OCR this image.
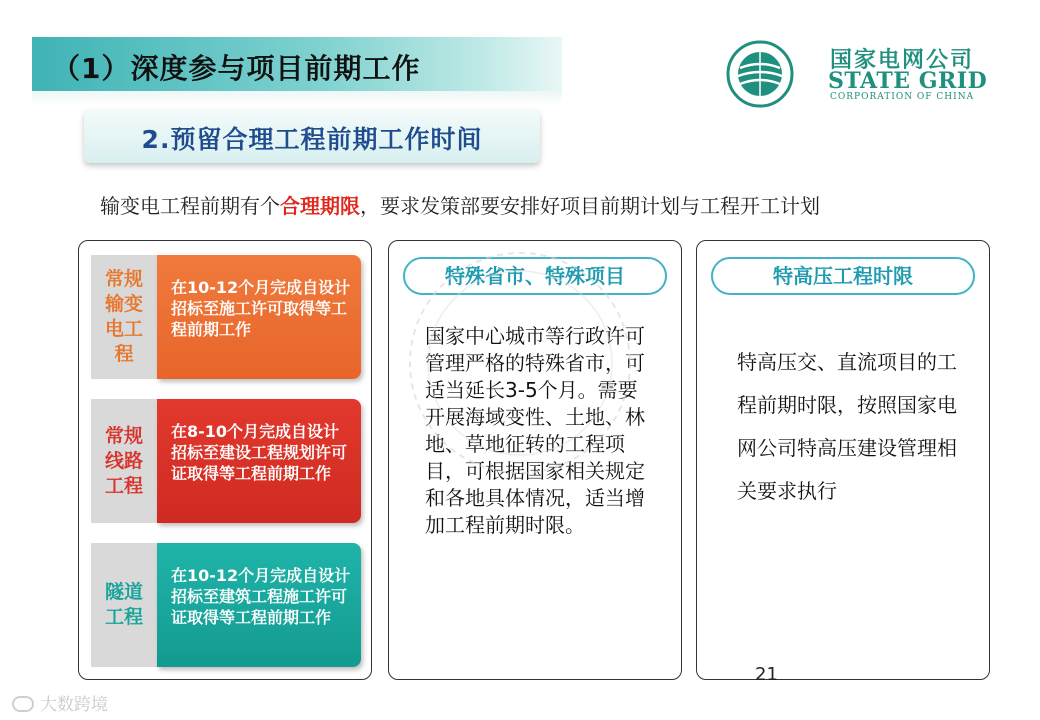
（1）深度参与项目前期工作	国家电网公司
STATE GRID
CORPORATION OF CHINA
2.预留合理工程前期工作时间
输变电工程前期有个合理期限，要求发策部要安排好项目前期计划与工程开工计划
常规输变电工程
在10-12个月完成自设计招标至施工许可取得等工程前期工作
常规线路工程
在8-10个月完成自设计招标至建设工程规划许可证取得等工程前期工作
隧道工程
在10-12个月完成自设计招标至建筑工程施工许可证取得等工程前期工作
特殊省市、特殊项目
国家中心城市等行政许可管理严格的特殊省市，可适当延长3-5个月。需要开展海域变性、土地、林地、草地征转的工程项目，可根据国家相关规定和各地具体情况，适当增加工程前期时限。
特高压工程时限
特高压交、直流项目的工程前期时限，按照国家电网公司特高压建设管理相关要求执行
21
大数跨境
